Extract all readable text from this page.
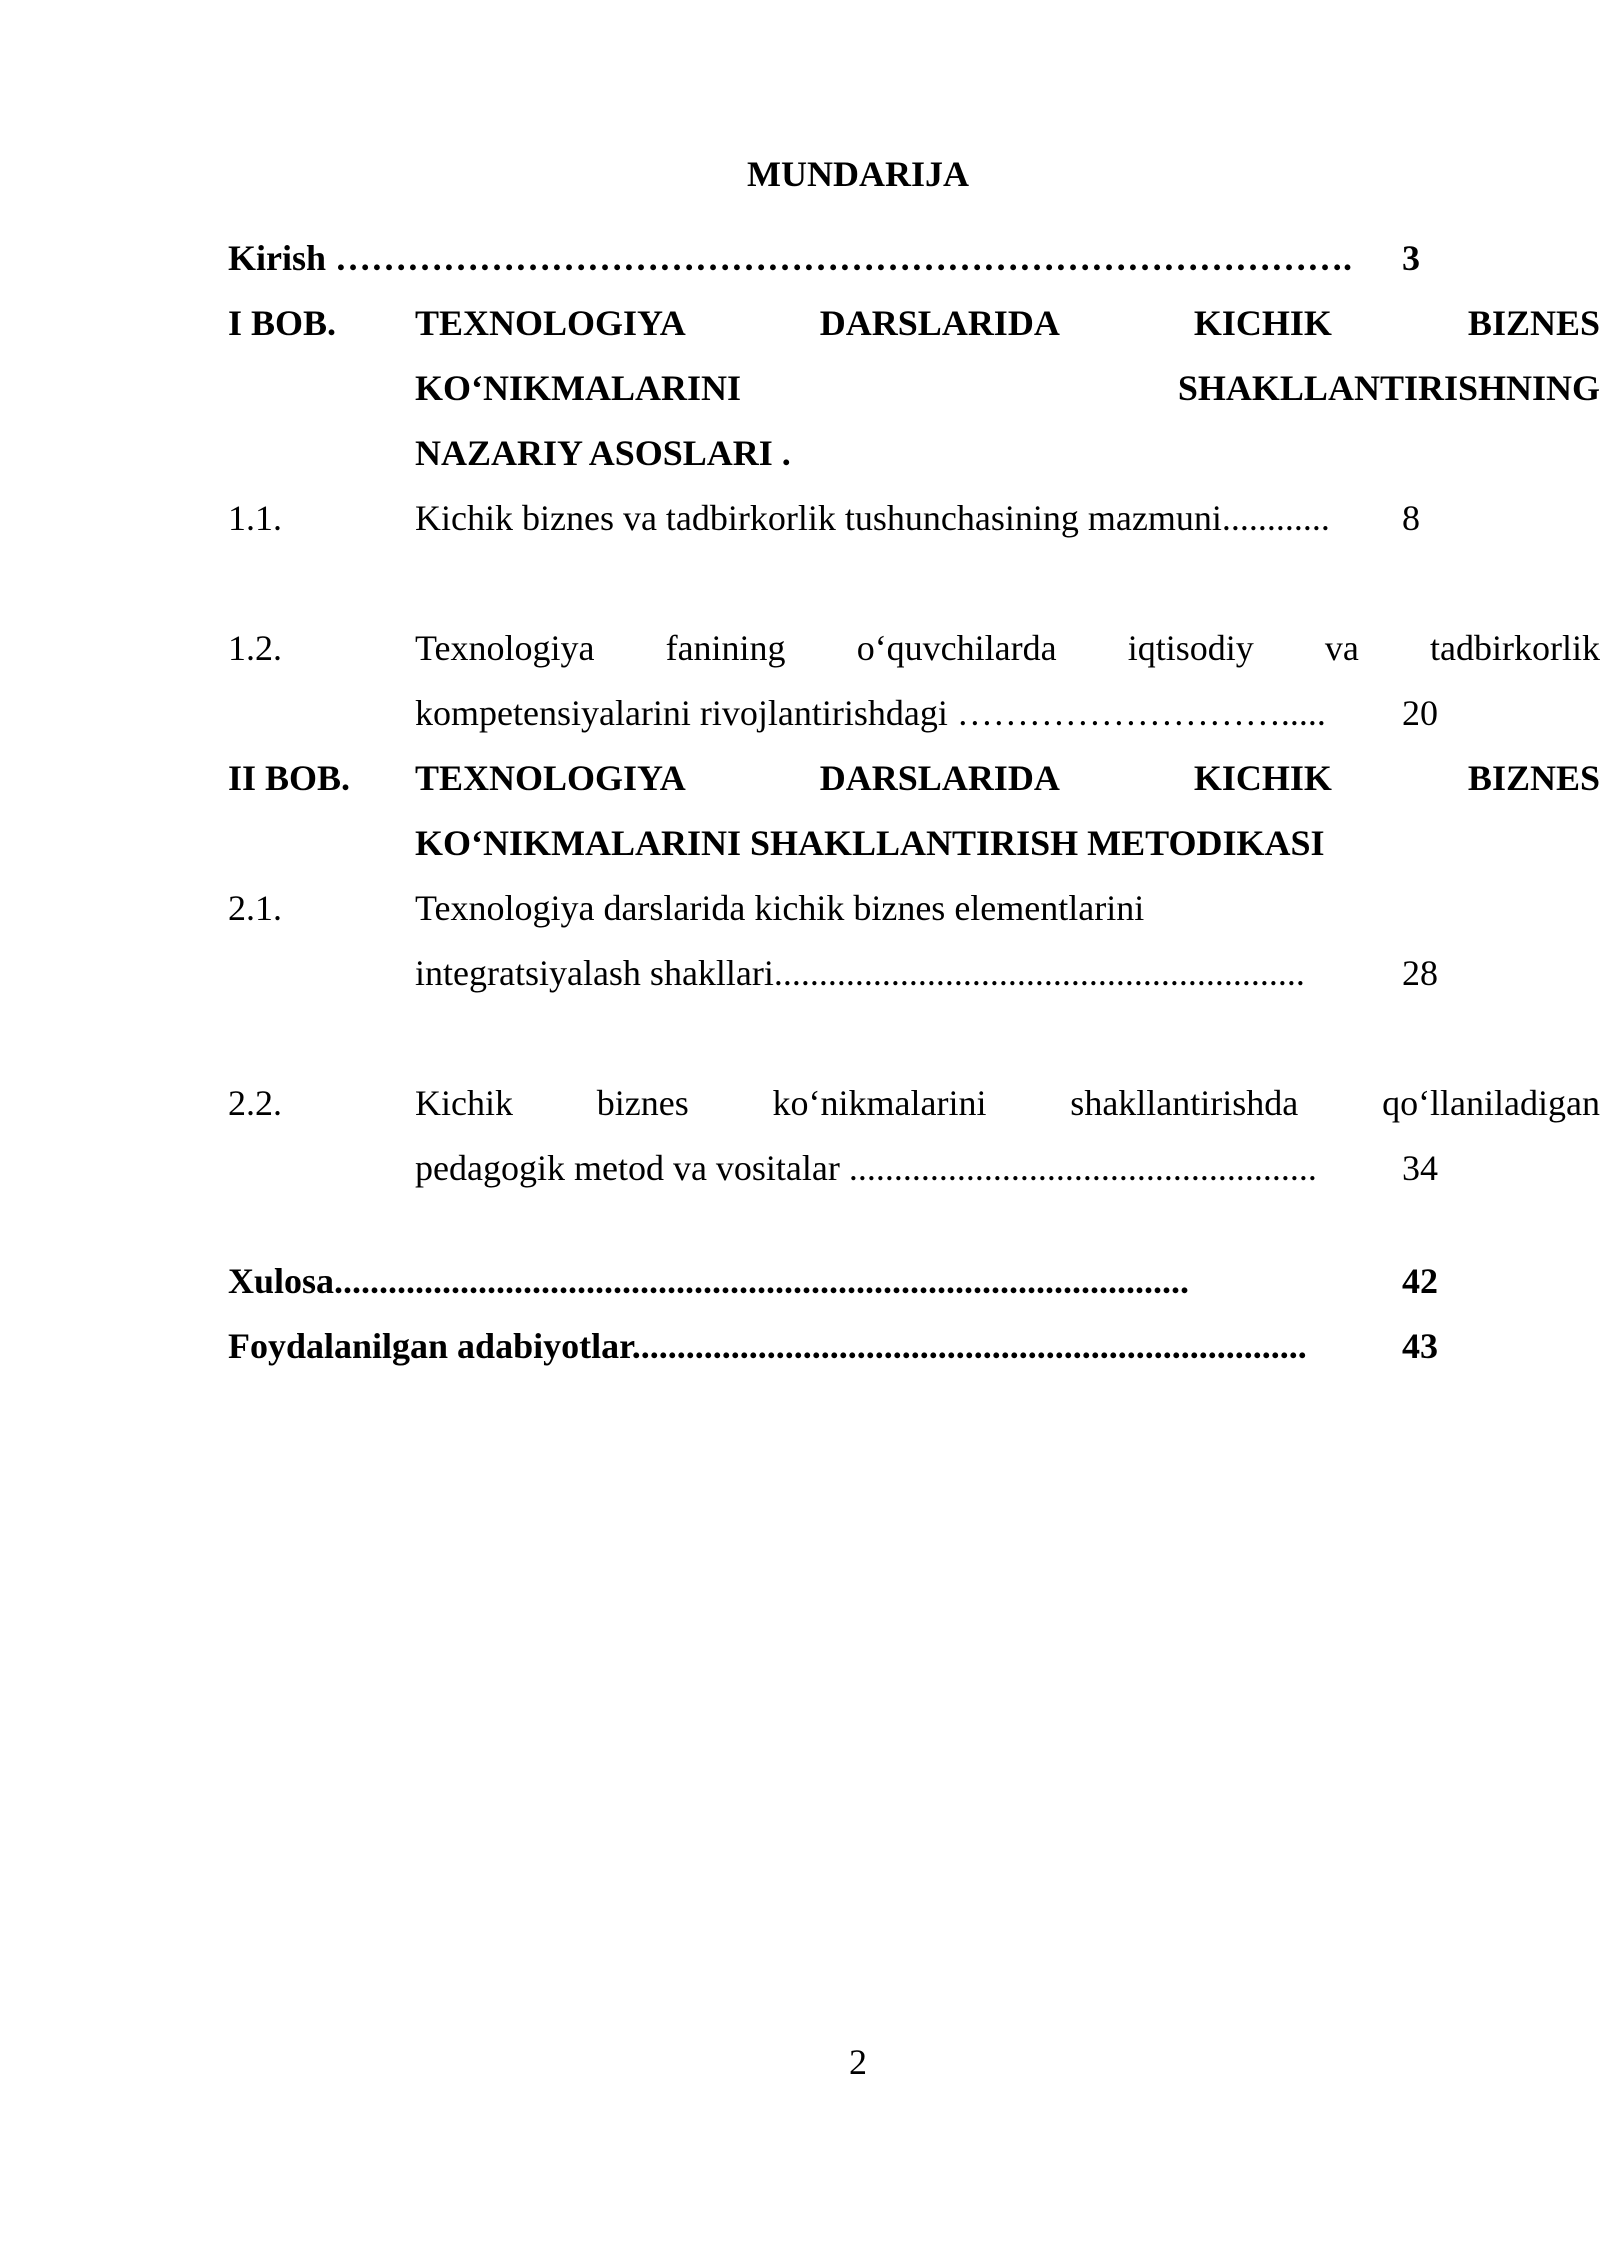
MUNDARIJA
Kirish ………………………………………………………………………….	3
I BOB. TEXNOLOGIYA DARSLARIDA KICHIK BIZNES
KO‘NIKMALARINI SHAKLLANTIRISHNING
NAZARIY ASOSLARI .
1.1.	Kichik biznes va tadbirkorlik tushunchasining mazmuni............	8
1.2.	Texnologiya fanining o‘quvchilarda iqtisodiy va tadbirkorlik
kompetensiyalarini rivojlantirishdagi ……………………….....	20
II BOB. TEXNOLOGIYA DARSLARIDA KICHIK BIZNES
KO‘NIKMALARINI SHAKLLANTIRISH METODIKASI
2.1.	Texnologiya darslarida kichik biznes elementlarini
integratsiyalash shakllari...........................................................	28
2.2.	Kichik biznes ko‘nikmalarini shakllantirishda qo‘llaniladigan
pedagogik metod va vositalar ....................................................	34
Xulosa...............................................................................................	42
Foydalanilgan adabiyotlar...........................................................................	43
2
